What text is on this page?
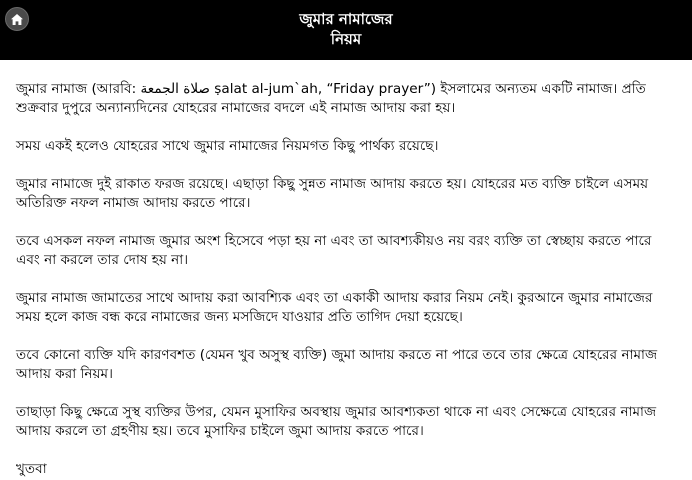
জুমার নামাজের
নিয়ম

জুমার নামাজ (আরবি: صلاة الجمعة ṣalat al-jum`ah, “Friday prayer”) ইসলামের অন্যতম একটি নামাজ। প্রতি শুক্রবার দুপুরে অন্যান্যদিনের যোহরের নামাজের বদলে এই নামাজ আদায় করা হয়।

সময় একই হলেও যোহরের সাথে জুমার নামাজের নিয়মগত কিছু পার্থক্য রয়েছে।

জুমার নামাজে দুই রাকাত ফরজ রয়েছে। এছাড়া কিছু সুন্নত নামাজ আদায় করতে হয়। যোহরের মত ব্যক্তি চাইলে এসময় অতিরিক্ত নফল নামাজ আদায় করতে পারে।

তবে এসকল নফল নামাজ জুমার অংশ হিসেবে পড়া হয় না এবং তা আবশ্যকীয়ও নয় বরং ব্যক্তি তা স্বেচ্ছায় করতে পারে এবং না করলে তার দোষ হয় না।

জুমার নামাজ জামাতের সাথে আদায় করা আবশ্যিক এবং তা একাকী আদায় করার নিয়ম নেই। কুরআনে জুমার নামাজের সময় হলে কাজ বন্ধ করে নামাজের জন্য মসজিদে যাওয়ার প্রতি তাগিদ দেয়া হয়েছে।

তবে কোনো ব্যক্তি যদি কারণবশত (যেমন খুব অসুস্থ ব্যক্তি) জুমা আদায় করতে না পারে তবে তার ক্ষেত্রে যোহরের নামাজ আদায় করা নিয়ম।

তাছাড়া কিছু ক্ষেত্রে সুস্থ ব্যক্তির উপর, যেমন মুসাফির অবস্থায় জুমার আবশ্যকতা থাকে না এবং সেক্ষেত্রে যোহরের নামাজ আদায় করলে তা গ্রহণীয় হয়। তবে মুসাফির চাইলে জুমা আদায় করতে পারে।

খুতবা
